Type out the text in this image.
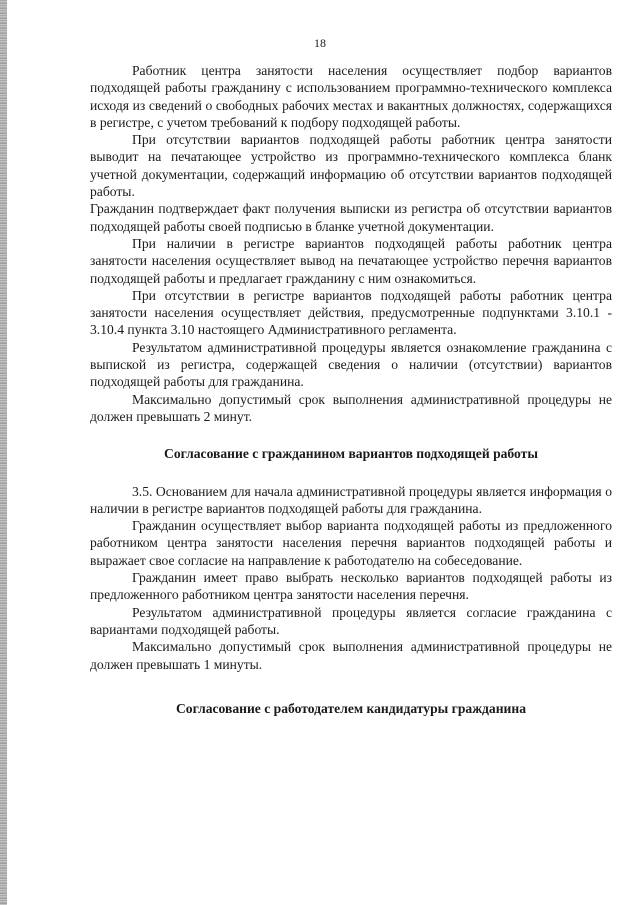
18

Работник центра занятости населения осуществляет подбор вариантов подходящей работы гражданину с использованием программно-технического комплекса исходя из сведений о свободных рабочих местах и вакантных должностях, содержащихся в регистре, с учетом требований к подбору подходящей работы.

При отсутствии вариантов подходящей работы работник центра занятости выводит на печатающее устройство из программно-технического комплекса бланк учетной документации, содержащий информацию об отсутствии вариантов подходящей работы.

Гражданин подтверждает факт получения выписки из регистра об отсутствии вариантов подходящей работы своей подписью в бланке учетной документации.

При наличии в регистре вариантов подходящей работы работник центра занятости населения осуществляет вывод на печатающее устройство перечня вариантов подходящей работы и предлагает гражданину с ним ознакомиться.

При отсутствии в регистре вариантов подходящей работы работник центра занятости населения осуществляет действия, предусмотренные подпунктами 3.10.1 - 3.10.4 пункта 3.10 настоящего Административного регламента.

Результатом административной процедуры является ознакомление гражданина с выпиской из регистра, содержащей сведения о наличии (отсутствии) вариантов подходящей работы для гражданина.

Максимально допустимый срок выполнения административной процедуры не должен превышать 2 минут.

Согласование с гражданином вариантов подходящей работы

3.5. Основанием для начала административной процедуры является информация о наличии в регистре вариантов подходящей работы для гражданина.

Гражданин осуществляет выбор варианта подходящей работы из предложенного работником центра занятости населения перечня вариантов подходящей работы и выражает свое согласие на направление к работодателю на собеседование.

Гражданин имеет право выбрать несколько вариантов подходящей работы из предложенного работником центра занятости населения перечня.

Результатом административной процедуры является согласие гражданина с вариантами подходящей работы.

Максимально допустимый срок выполнения административной процедуры не должен превышать 1 минуты.

Согласование с работодателем кандидатуры гражданина
